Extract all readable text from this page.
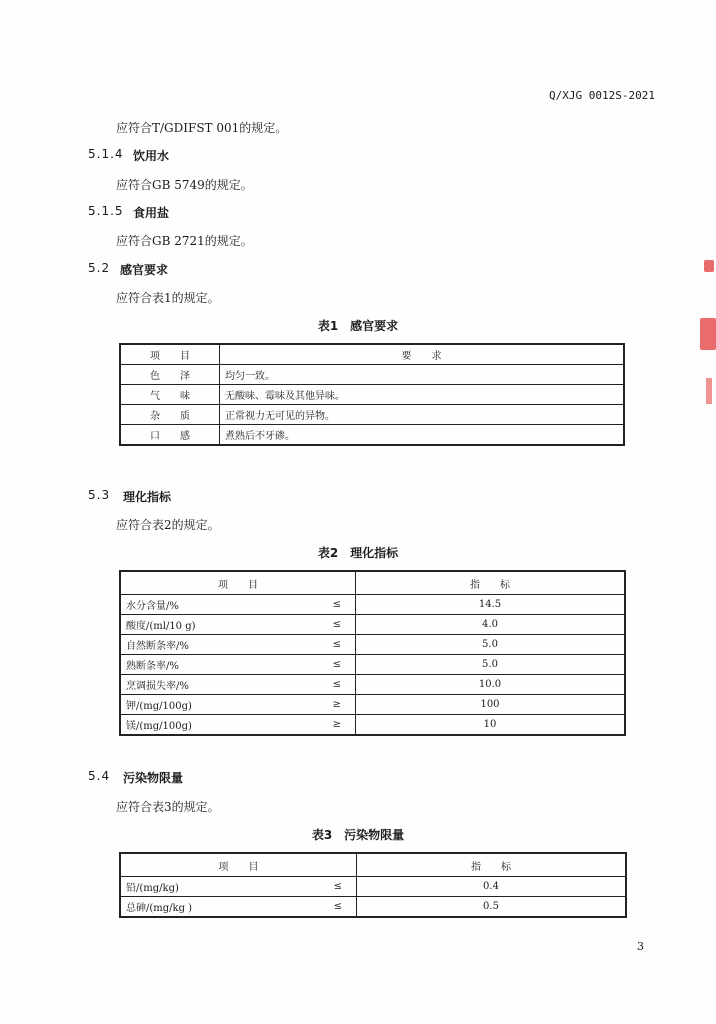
Q/XJG 0012S-2021
应符合T/GDIFST 001的规定。
5.1.4 饮用水
应符合GB 5749的规定。
5.1.5 食用盐
应符合GB 2721的规定。
5.2 感官要求
应符合表1的规定。
表1　感官要求
项　　目	要　　求
色　　泽	均匀一致。
气　　味	无酸味、霉味及其他异味。
杂　　质	正常视力无可见的异物。
口　　感	煮熟后不牙碜。
5.3 理化指标
应符合表2的规定。
表2　理化指标
项　　目		指　　标
水分含量/%	≤	14.5
酸度/(ml/10 g)	≤	4.0
自然断条率/%	≤	5.0
熟断条率/%	≤	5.0
烹调损失率/%	≤	10.0
钾/(mg/100g)	≥	100
镁/(mg/100g)	≥	10
5.4 污染物限量
应符合表3的规定。
表3　污染物限量
项　　目		指　　标
铅/(mg/kg)	≤	0.4
总砷/(mg/kg )	≤	0.5
3
